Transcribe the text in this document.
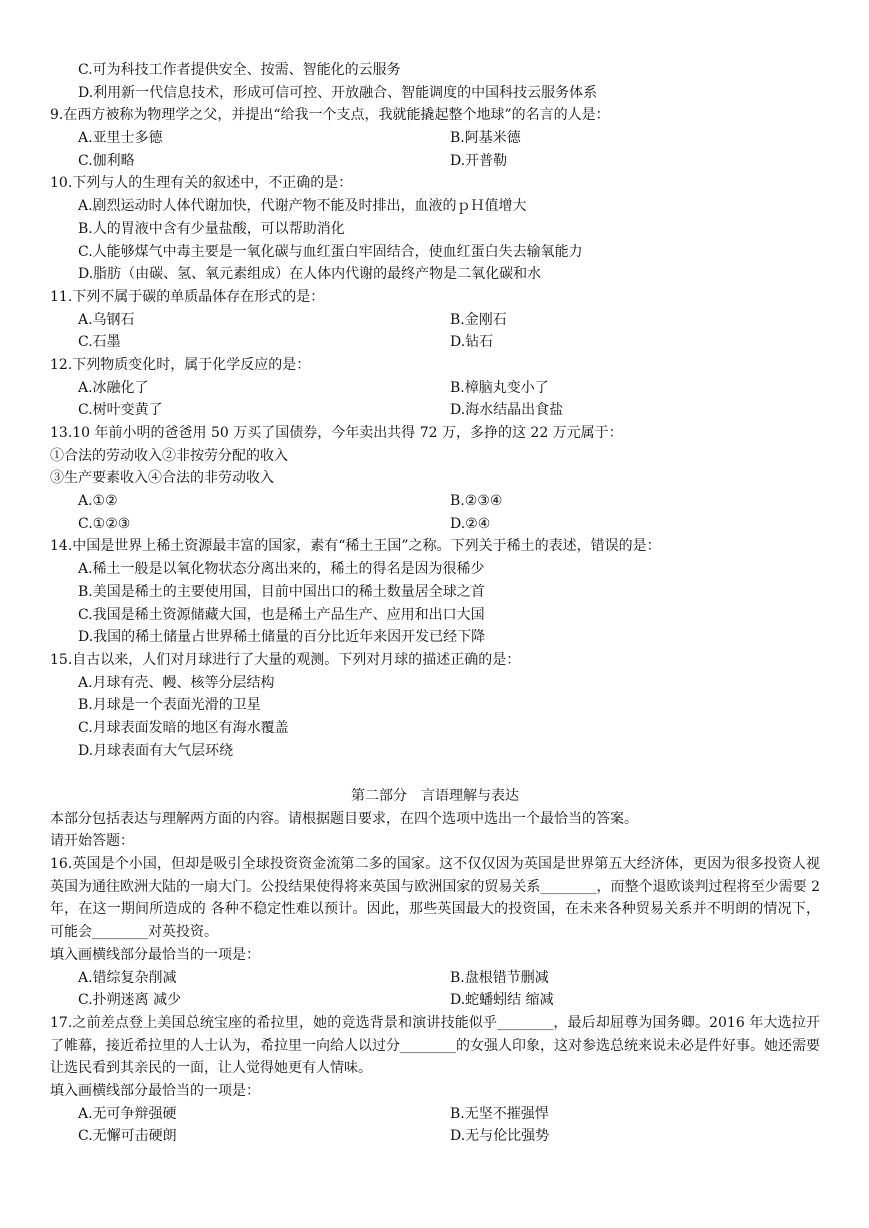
C.可为科技工作者提供安全、按需、智能化的云服务
D.利用新一代信息技术，形成可信可控、开放融合、智能调度的中国科技云服务体系
9.在西方被称为物理学之父，并提出“给我一个支点，我就能撬起整个地球”的名言的人是：
A.亚里士多德	B.阿基米德
C.伽利略	D.开普勒
10.下列与人的生理有关的叙述中，不正确的是：
A.剧烈运动时人体代谢加快，代谢产物不能及时排出，血液的ｐＨ值增大
B.人的胃液中含有少量盐酸，可以帮助消化
C.人能够煤气中毒主要是一氧化碳与血红蛋白牢固结合，使血红蛋白失去输氧能力
D.脂肪（由碳、氢、氧元素组成）在人体内代谢的最终产物是二氧化碳和水
11.下列不属于碳的单质晶体存在形式的是：
A.乌钢石	B.金刚石
C.石墨	D.钻石
12.下列物质变化时，属于化学反应的是：
A.冰融化了	B.樟脑丸变小了
C.树叶变黄了	D.海水结晶出食盐
13.10 年前小明的爸爸用 50 万买了国债券，今年卖出共得 72 万，多挣的这 22 万元属于：
①合法的劳动收入②非按劳分配的收入
③生产要素收入④合法的非劳动收入
A.①②	B.②③④
C.①②③	D.②④
14.中国是世界上稀土资源最丰富的国家，素有“稀土王国”之称。下列关于稀土的表述，错误的是：
A.稀土一般是以氧化物状态分离出来的，稀土的得名是因为很稀少
B.美国是稀土的主要使用国，目前中国出口的稀土数量居全球之首
C.我国是稀土资源储藏大国，也是稀土产品生产、应用和出口大国
D.我国的稀土储量占世界稀土储量的百分比近年来因开发已经下降
15.自古以来，人们对月球进行了大量的观测。下列对月球的描述正确的是：
A.月球有壳、幔、核等分层结构
B.月球是一个表面光滑的卫星
C.月球表面发暗的地区有海水覆盖
D.月球表面有大气层环绕
第二部分　言语理解与表达
本部分包括表达与理解两方面的内容。请根据题目要求，在四个选项中选出一个最恰当的答案。
请开始答题：
16.英国是个小国，但却是吸引全球投资资金流第二多的国家。这不仅仅因为英国是世界第五大经济体，更因为很多投资人视英国为通往欧洲大陆的一扇大门。公投结果使得将来英国与欧洲国家的贸易关系________，而整个退欧谈判过程将至少需要 2 年，在这一期间所造成的 各种不稳定性难以预计。因此，那些英国最大的投资国，在未来各种贸易关系并不明朗的情况下，可能会________对英投资。
填入画横线部分最恰当的一项是：
A.错综复杂削减	B.盘根错节删减
C.扑朔迷离 减少	D.蛇蟠蚓结 缩减
17.之前差点登上美国总统宝座的希拉里，她的竞选背景和演讲技能似乎________，最后却屈尊为国务卿。2016 年大选拉开了帷幕，接近希拉里的人士认为，希拉里一向给人以过分________的女强人印象，这对参选总统来说未必是件好事。她还需要让选民看到其亲民的一面，让人觉得她更有人情味。
填入画横线部分最恰当的一项是：
A.无可争辩强硬	B.无坚不摧强悍
C.无懈可击硬朗	D.无与伦比强势
